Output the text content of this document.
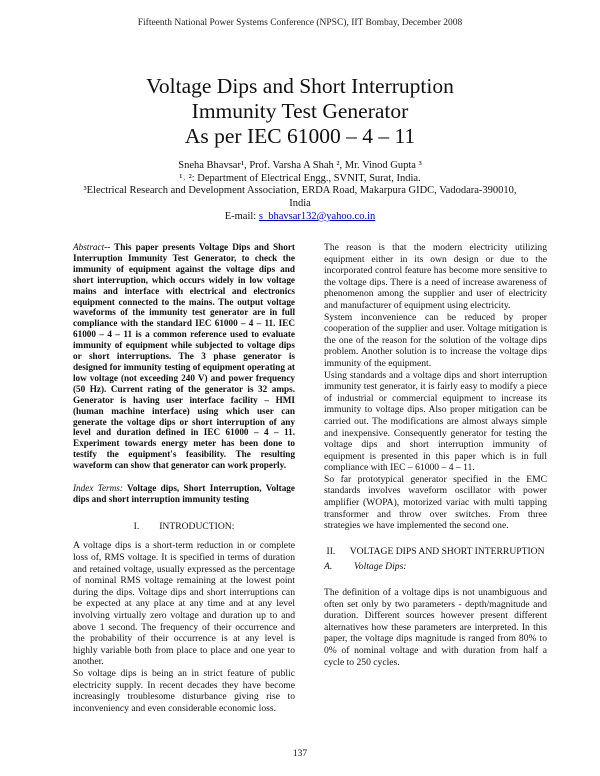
Fifteenth National Power Systems Conference (NPSC), IIT Bombay, December 2008
Voltage Dips and Short Interruption
Immunity Test Generator
As per IEC 61000 – 4 – 11
Sneha Bhavsar¹, Prof. Varsha A Shah ², Mr. Vinod Gupta ³
¹˒ ²: Department of Electrical Engg., SVNIT, Surat, India.
³Electrical Research and Development Association, ERDA Road, Makarpura GIDC, Vadodara-390010,
India
E-mail: s_bhavsar132@yahoo.co.in

Abstract-- This paper presents Voltage Dips and Short Interruption Immunity Test Generator, to check the immunity of equipment against the voltage dips and short interruption, which occurs widely in low voltage mains and interface with electrical and electronics equipment connected to the mains. The output voltage waveforms of the immunity test generator are in full compliance with the standard IEC 61000 – 4 – 11. IEC 61000 – 4 – 11 is a common reference used to evaluate immunity of equipment while subjected to voltage dips or short interruptions. The 3 phase generator is designed for immunity testing of equipment operating at low voltage (not exceeding 240 V) and power frequency (50 Hz). Current rating of the generator is 32 amps. Generator is having user interface facility – HMI (human machine interface) using which user can generate the voltage dips or short interruption of any level and duration defined in IEC 61000 – 4 – 11. Experiment towards energy meter has been done to testify the equipment's feasibility. The resulting waveform can show that generator can work properly.

Index Terms: Voltage dips, Short Interruption, Voltage dips and short interruption immunity testing

I. INTRODUCTION:

A voltage dips is a short-term reduction in or complete loss of, RMS voltage. It is specified in terms of duration and retained voltage, usually expressed as the percentage of nominal RMS voltage remaining at the lowest point during the dips. Voltage dips and short interruptions can be expected at any place at any time and at any level involving virtually zero voltage and duration up to and above 1 second. The frequency of their occurrence and the probability of their occurrence is at any level is highly variable both from place to place and one year to another.

So voltage dips is being an in strict feature of public electricity supply. In recent decades they have become increasingly troublesome disturbance giving rise to inconveniency and even considerable economic loss.

The reason is that the modern electricity utilizing equipment either in its own design or due to the incorporated control feature has become more sensitive to the voltage dips. There is a need of increase awareness of phenomenon among the supplier and user of electricity and manufacturer of equipment using electricity.

System inconvenience can be reduced by proper cooperation of the supplier and user. Voltage mitigation is the one of the reason for the solution of the voltage dips problem. Another solution is to increase the voltage dips immunity of the equipment.

Using standards and a voltage dips and short interruption immunity test generator, it is fairly easy to modify a piece of industrial or commercial equipment to increase its immunity to voltage dips. Also proper mitigation can be carried out. The modifications are almost always simple and inexpensive. Consequently generator for testing the voltage dips and short interruption immunity of equipment is presented in this paper which is in full compliance with IEC – 61000 – 4 – 11.

So far prototypical generator specified in the EMC standards involves waveform oscillator with power amplifier (WOPA), motorized variac with multi tapping transformer and throw over switches. From three strategies we have implemented the second one.

II. VOLTAGE DIPS AND SHORT INTERRUPTION
A. Voltage Dips:

The definition of a voltage dips is not unambiguous and often set only by two parameters - depth/magnitude and duration. Different sources however present different alternatives how these parameters are interpreted. In this paper, the voltage dips magnitude is ranged from 80% to 0% of nominal voltage and with duration from half a cycle to 250 cycles.

137
